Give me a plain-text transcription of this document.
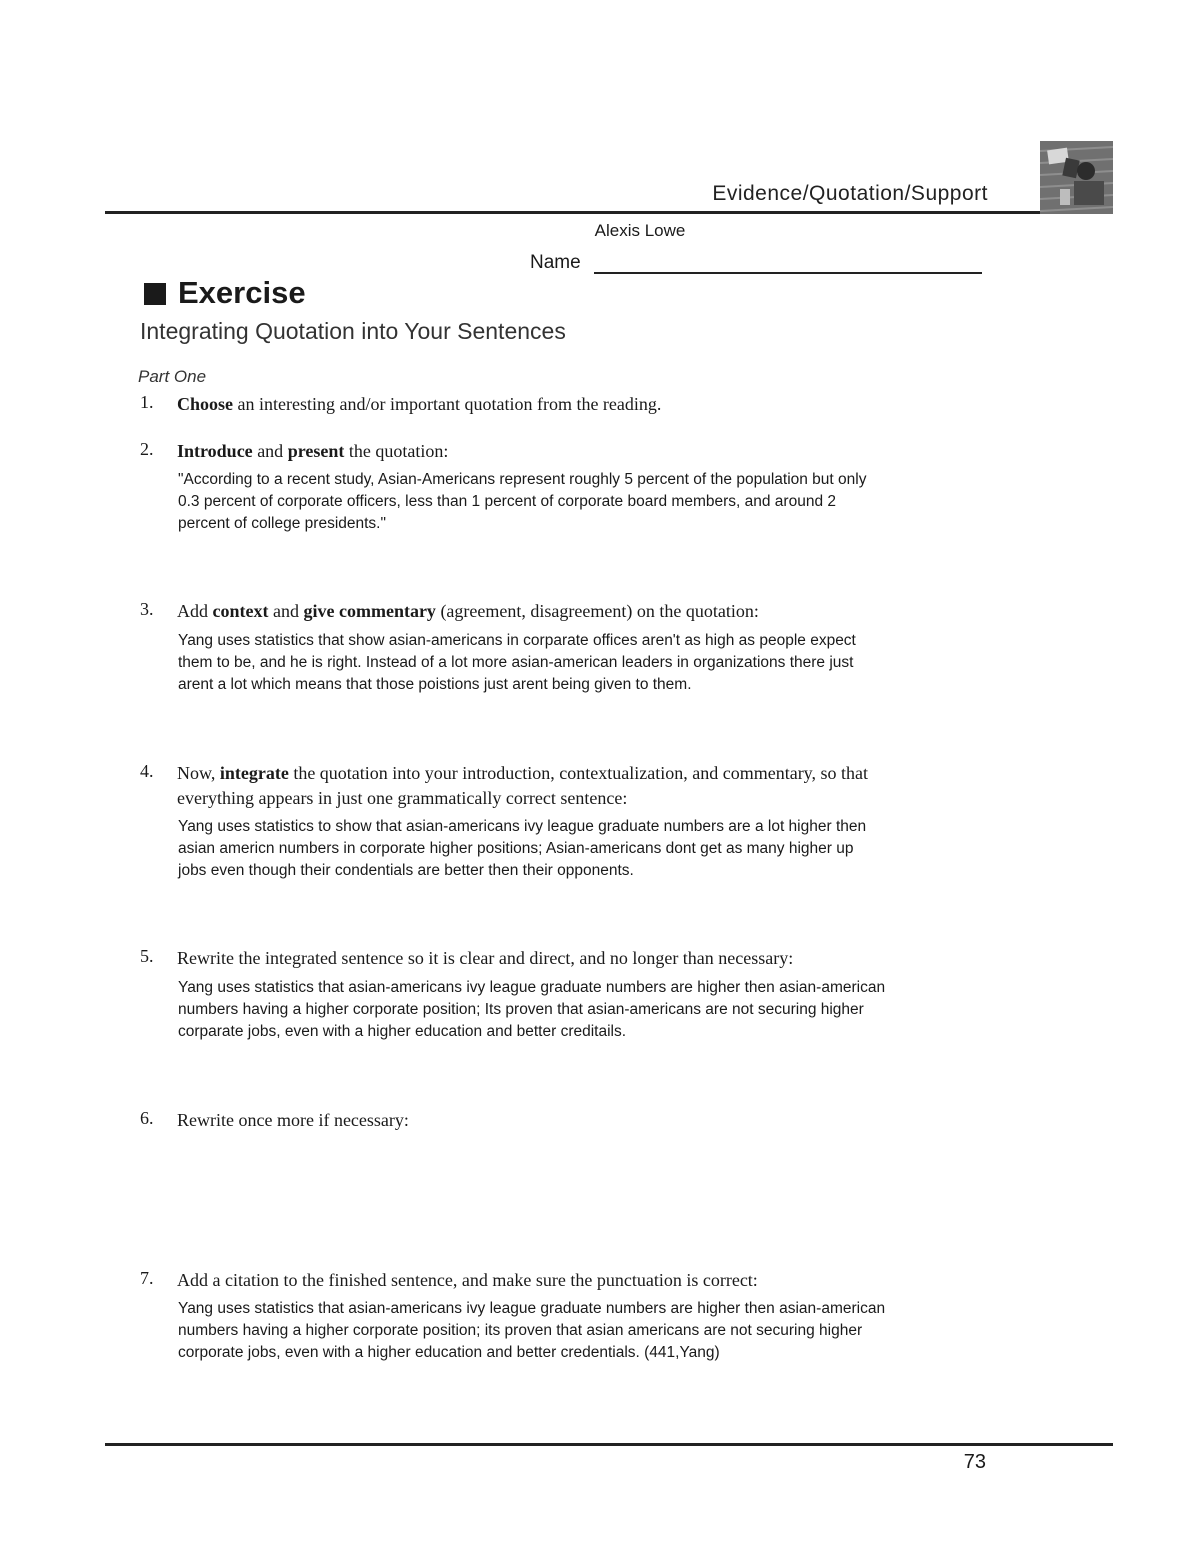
Evidence/Quotation/Support
Alexis Lowe
Name
Exercise
Integrating Quotation into Your Sentences
Part One
1. Choose an interesting and/or important quotation from the reading.
2. Introduce and present the quotation:
"According to a recent study, Asian-Americans represent roughly 5 percent of the population but only
0.3 percent of corporate officers, less than 1 percent of corporate board members, and around 2
percent of college presidents."
3. Add context and give commentary (agreement, disagreement) on the quotation:
Yang uses statistics that show asian-americans in corparate offices aren't as high as people expect
them to be, and he is right. Instead of a lot more asian-american leaders in organizations there just
arent a lot which means that those poistions just arent being given to them.
4. Now, integrate the quotation into your introduction, contextualization, and commentary, so that
everything appears in just one grammatically correct sentence:
Yang uses statistics to show that asian-americans ivy league graduate numbers are a lot higher then
asian americn numbers in corporate higher positions; Asian-americans dont get as many higher up
jobs even though their condentials are better then their opponents.
5. Rewrite the integrated sentence so it is clear and direct, and no longer than necessary:
Yang uses statistics that asian-americans ivy league graduate numbers are higher then asian-american
numbers having a higher corporate position; Its proven that asian-americans are not securing higher
corparate jobs, even with a higher education and better creditails.
6. Rewrite once more if necessary:
7. Add a citation to the finished sentence, and make sure the punctuation is correct:
Yang uses statistics that asian-americans ivy league graduate numbers are higher then asian-american
numbers having a higher corporate position; its proven that asian americans are not securing higher
corporate jobs, even with a higher education and better credentials. (441,Yang)
73
